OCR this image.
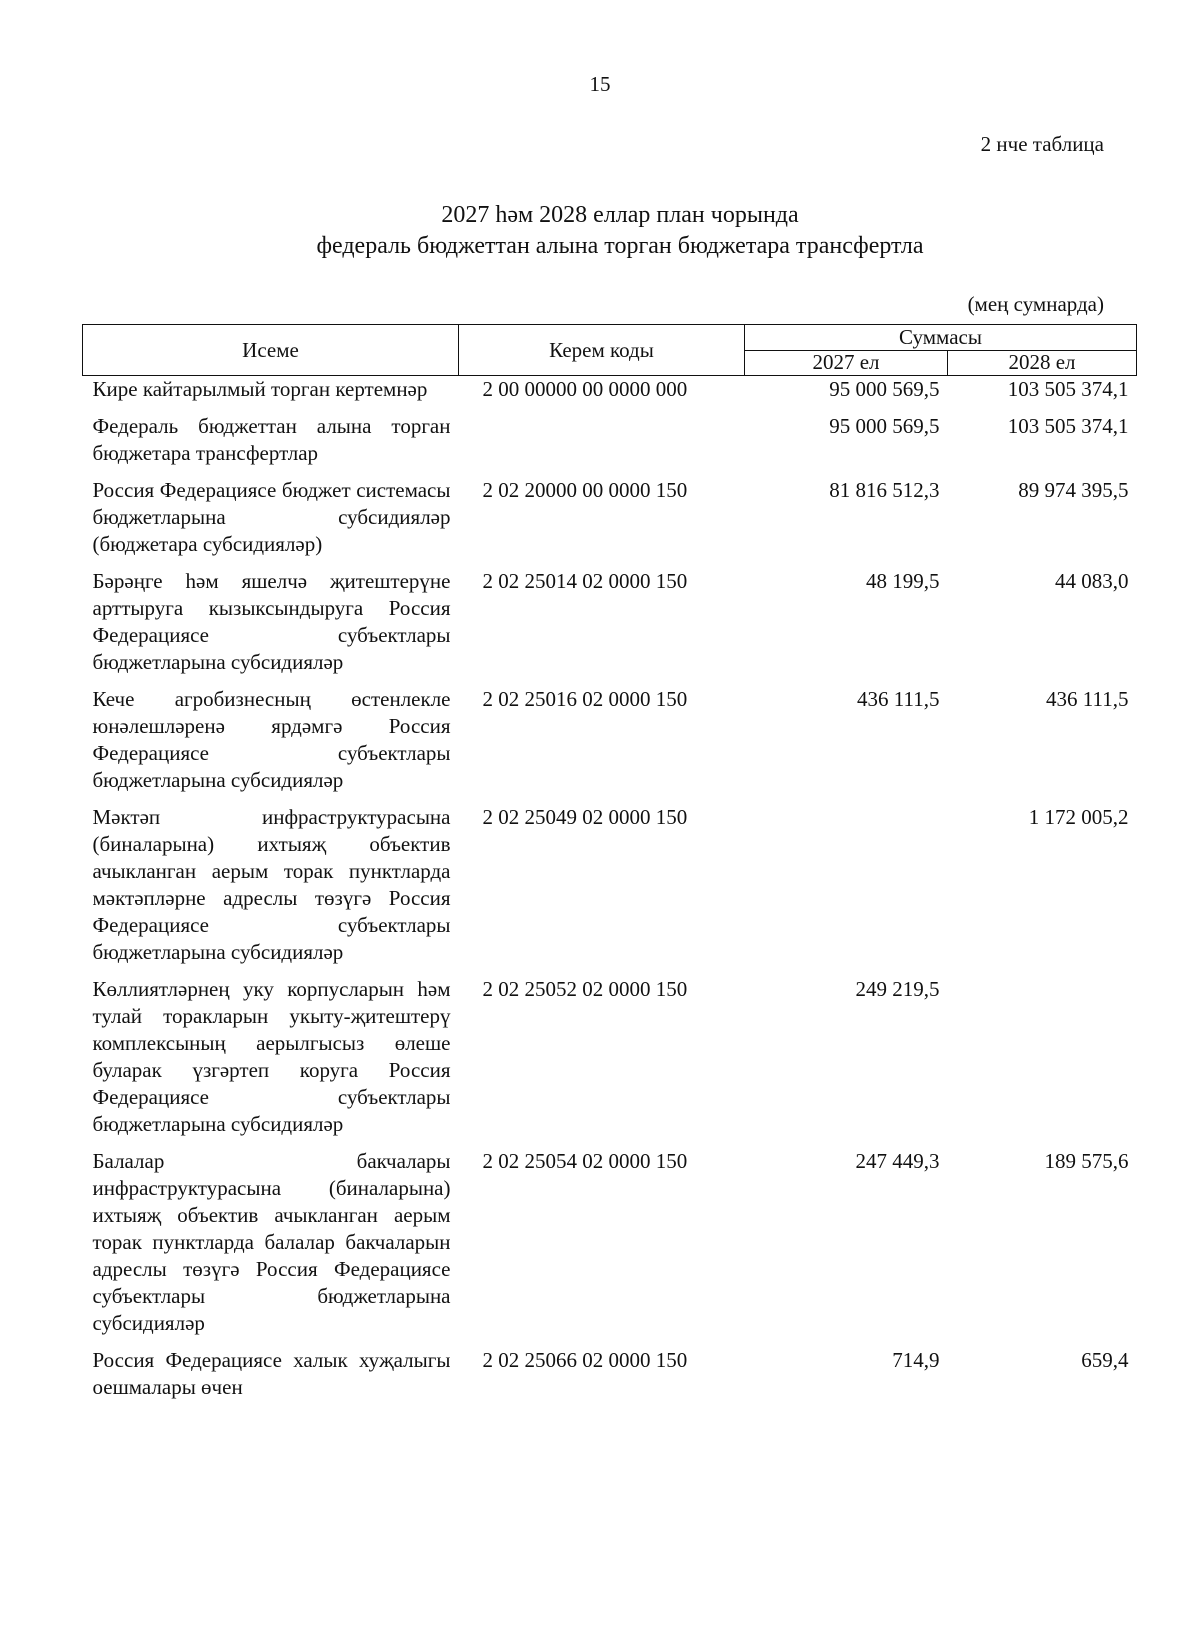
15
2 нче таблица
2027 һәм 2028 еллар план чорында
федераль бюджеттан алына торган бюджетара трансфертла
(мең сумнарда)
Исеме	Керем коды	Суммасы	
		2027 ел	2028 ел
Кире кайтарылмый торган кертемнәр	2 00 00000 00 0000 000	95 000 569,5	103 505 374,1
Федераль бюджеттан алына торган бюджетара трансфертлар		95 000 569,5	103 505 374,1
Россия Федерациясе бюджет системасы бюджетларына субсидияләр (бюджетара субсидияләр)	2 02 20000 00 0000 150	81 816 512,3	89 974 395,5
Бәрәңге һәм яшелчә җитештерүне арттыруга кызыксындыруга Россия Федерациясе субъектлары бюджетларына субсидияләр	2 02 25014 02 0000 150	48 199,5	44 083,0
Кече агробизнесның өстенлекле юнәлешләренә ярдәмгә Россия Федерациясе субъектлары бюджетларына субсидияләр	2 02 25016 02 0000 150	436 111,5	436 111,5
Мәктәп инфраструктурасына (биналарына) ихтыяҗ объектив ачыкланган аерым торак пунктларда мәктәпләрне адреслы төзүгә Россия Федерациясе субъектлары бюджетларына субсидияләр	2 02 25049 02 0000 150		1 172 005,2
Көллиятләрнең уку корпусларын һәм тулай торакларын укыту-җитештерү комплексының аерылгысыз өлеше буларак үзгәртеп коруга Россия Федерациясе субъектлары бюджетларына субсидияләр	2 02 25052 02 0000 150	249 219,5	
Балалар бакчалары инфраструктурасына (биналарына) ихтыяҗ объектив ачыкланган аерым торак пунктларда балалар бакчаларын адреслы төзүгә Россия Федерациясе субъектлары бюджетларына субсидияләр	2 02 25054 02 0000 150	247 449,3	189 575,6
Россия Федерациясе халык хуҗалыгы оешмалары өчен	2 02 25066 02 0000 150	714,9	659,4
